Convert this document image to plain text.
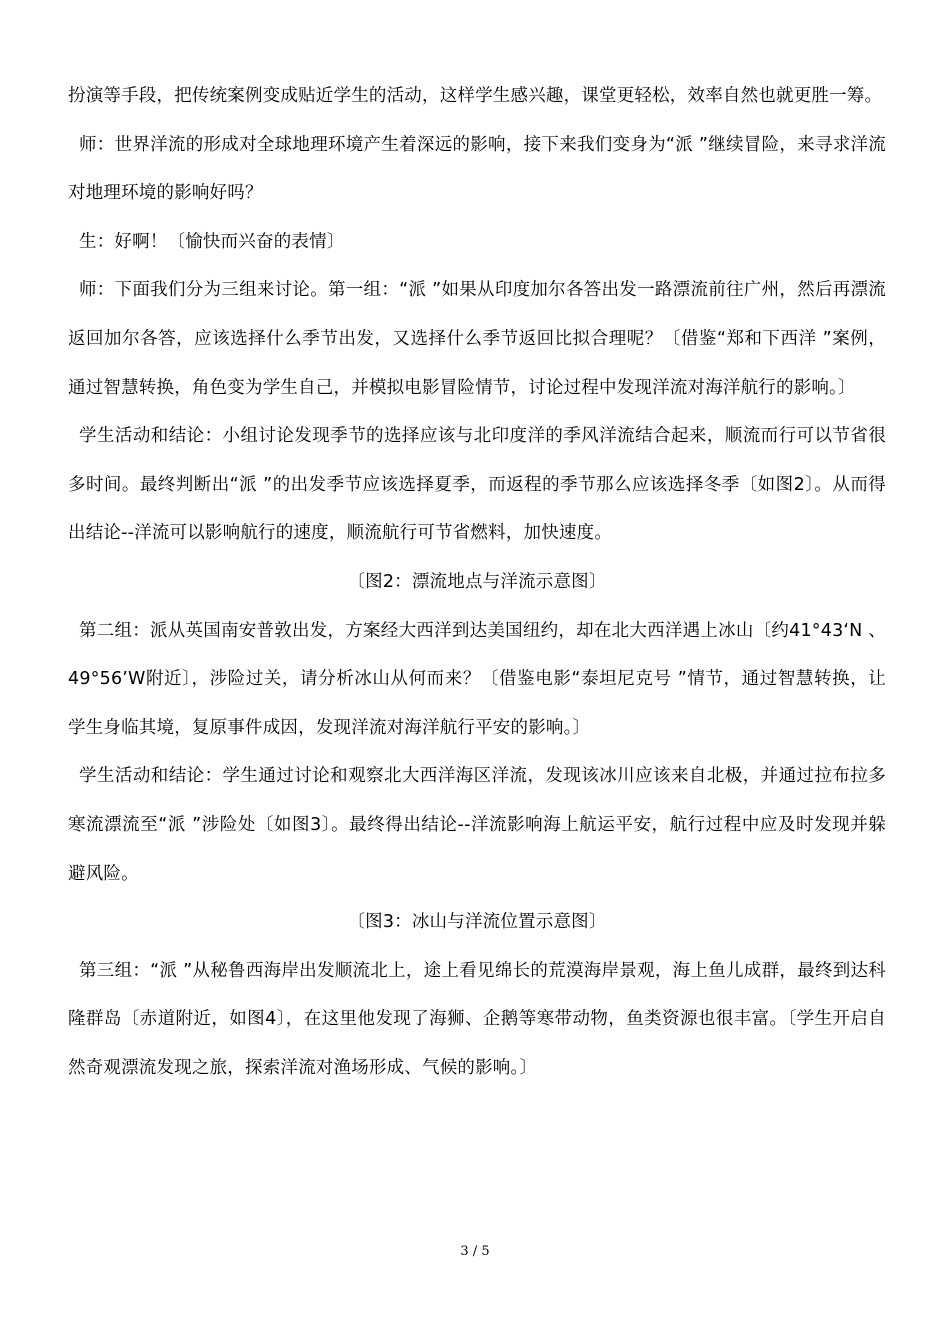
扮演等手段，把传统案例变成贴近学生的活动，这样学生感兴趣，课堂更轻松，效率自然也就更胜一筹。

师：世界洋流的形成对全球地理环境产生着深远的影响，接下来我们变身为“派 ”继续冒险，来寻求洋流对地理环境的影响好吗？

生：好啊！〔愉快而兴奋的表情〕

师：下面我们分为三组来讨论。第一组：“派 ”如果从印度加尔各答出发一路漂流前往广州，然后再漂流返回加尔各答，应该选择什么季节出发，又选择什么季节返回比拟合理呢？〔借鉴“郑和下西洋 ”案例，通过智慧转换，角色变为学生自己，并模拟电影冒险情节，讨论过程中发现洋流对海洋航行的影响。〕

学生活动和结论：小组讨论发现季节的选择应该与北印度洋的季风洋流结合起来，顺流而行可以节省很多时间。最终判断出“派 ”的出发季节应该选择夏季，而返程的季节那么应该选择冬季〔如图2〕。从而得出结论--洋流可以影响航行的速度，顺流航行可节省燃料，加快速度。

〔图2：漂流地点与洋流示意图〕

第二组：派从英国南安普敦出发，方案经大西洋到达美国纽约，却在北大西洋遇上冰山〔约41°43‘N 、49°56’W附近〕，涉险过关，请分析冰山从何而来？〔借鉴电影“泰坦尼克号 ”情节，通过智慧转换，让学生身临其境，复原事件成因，发现洋流对海洋航行平安的影响。〕

学生活动和结论：学生通过讨论和观察北大西洋海区洋流，发现该冰川应该来自北极，并通过拉布拉多寒流漂流至“派 ”涉险处〔如图3〕。最终得出结论--洋流影响海上航运平安，航行过程中应及时发现并躲避风险。

〔图3：冰山与洋流位置示意图〕

第三组：“派 ”从秘鲁西海岸出发顺流北上，途上看见绵长的荒漠海岸景观，海上鱼儿成群，最终到达科隆群岛〔赤道附近，如图4〕，在这里他发现了海狮、企鹅等寒带动物，鱼类资源也很丰富。〔学生开启自然奇观漂流发现之旅，探索洋流对渔场形成、气候的影响。〕

3 / 5
